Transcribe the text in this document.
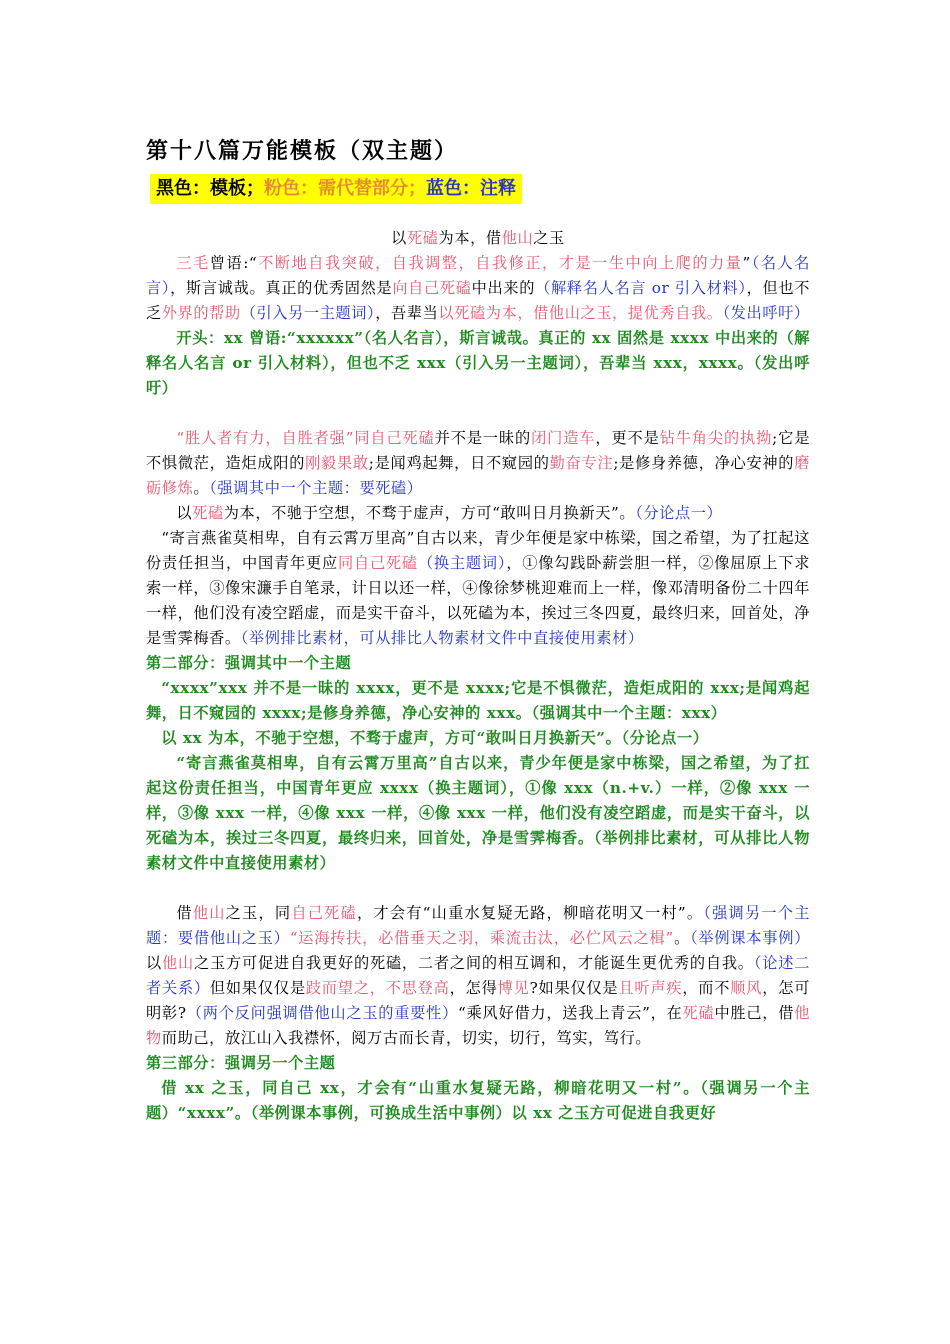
第十八篇万能模板（双主题）
黑色：模板；粉色：需代替部分；蓝色：注释

以死磕为本，借他山之玉

三毛曾语:“不断地自我突破，自我调整，自我修正，才是一生中向上爬的力量”（名人名言），斯言诚哉。真正的优秀固然是向自己死磕中出来的（解释名人名言 or 引入材料），但也不乏外界的帮助（引入另一主题词），吾辈当以死磕为本，借他山之玉，提优秀自我。（发出呼吁）

开头：xx 曾语:“xxxxxx”（名人名言），斯言诚哉。真正的 xx 固然是 xxxx 中出来的（解释名人名言 or 引入材料），但也不乏 xxx（引入另一主题词），吾辈当 xxx，xxxx。（发出呼吁）

“胜人者有力，自胜者强”同自己死磕并不是一昧的闭门造车，更不是钻牛角尖的执拗;它是不惧微茫，造炬成阳的刚毅果敢;是闻鸡起舞，日不窥园的勤奋专注;是修身养德，净心安神的磨砺修炼。（强调其中一个主题：要死磕）

以死磕为本，不驰于空想，不骛于虚声，方可“敢叫日月换新天”。（分论点一）

“寄言燕雀莫相卑，自有云霄万里高”自古以来，青少年便是家中栋梁，国之希望，为了扛起这份责任担当，中国青年更应同自己死磕（换主题词），①像勾践卧薪尝胆一样，②像屈原上下求索一样，③像宋濂手自笔录，计日以还一样，④像徐梦桃迎难而上一样，像邓清明备份二十四年一样，他们没有凌空蹈虚，而是实干奋斗，以死磕为本，挨过三冬四夏，最终归来，回首处，净是雪霁梅香。（举例排比素材，可从排比人物素材文件中直接使用素材）

第二部分：强调其中一个主题

“xxxx”xxx 并不是一昧的 xxxx，更不是 xxxx;它是不惧微茫，造炬成阳的 xxx;是闻鸡起舞，日不窥园的 xxxx;是修身养德，净心安神的 xxx。（强调其中一个主题：xxx）

以 xx 为本，不驰于空想，不骛于虚声，方可“敢叫日月换新天”。（分论点一）

“寄言燕雀莫相卑，自有云霄万里高”自古以来，青少年便是家中栋梁，国之希望，为了扛起这份责任担当，中国青年更应 xxxx（换主题词），①像 xxx（n.+v.）一样，②像 xxx 一样，③像 xxx 一样，④像 xxx 一样，④像 xxx 一样，他们没有凌空蹈虚，而是实干奋斗，以死磕为本，挨过三冬四夏，最终归来，回首处，净是雪霁梅香。（举例排比素材，可从排比人物素材文件中直接使用素材）

借他山之玉，同自己死磕，才会有“山重水复疑无路，柳暗花明又一村”。（强调另一个主题：要借他山之玉）“运海抟扶，必借垂天之羽，乘流击汰，必伫风云之楫”。（举例课本事例）以他山之玉方可促进自我更好的死磕，二者之间的相互调和，才能诞生更优秀的自我。（论述二者关系）但如果仅仅是跂而望之，不思登高，怎得博见?如果仅仅是且听声疾，而不顺风，怎可明彰?（两个反问强调借他山之玉的重要性）“乘风好借力，送我上青云”，在死磕中胜己，借他物而助己，放江山入我襟怀，阅万古而长青，切实，切行，笃实，笃行。

第三部分：强调另一个主题

借 xx 之玉，同自己 xx，才会有“山重水复疑无路，柳暗花明又一村”。（强调另一个主题）“xxxx”。（举例课本事例，可换成生活中事例）以 xx 之玉方可促进自我更好
